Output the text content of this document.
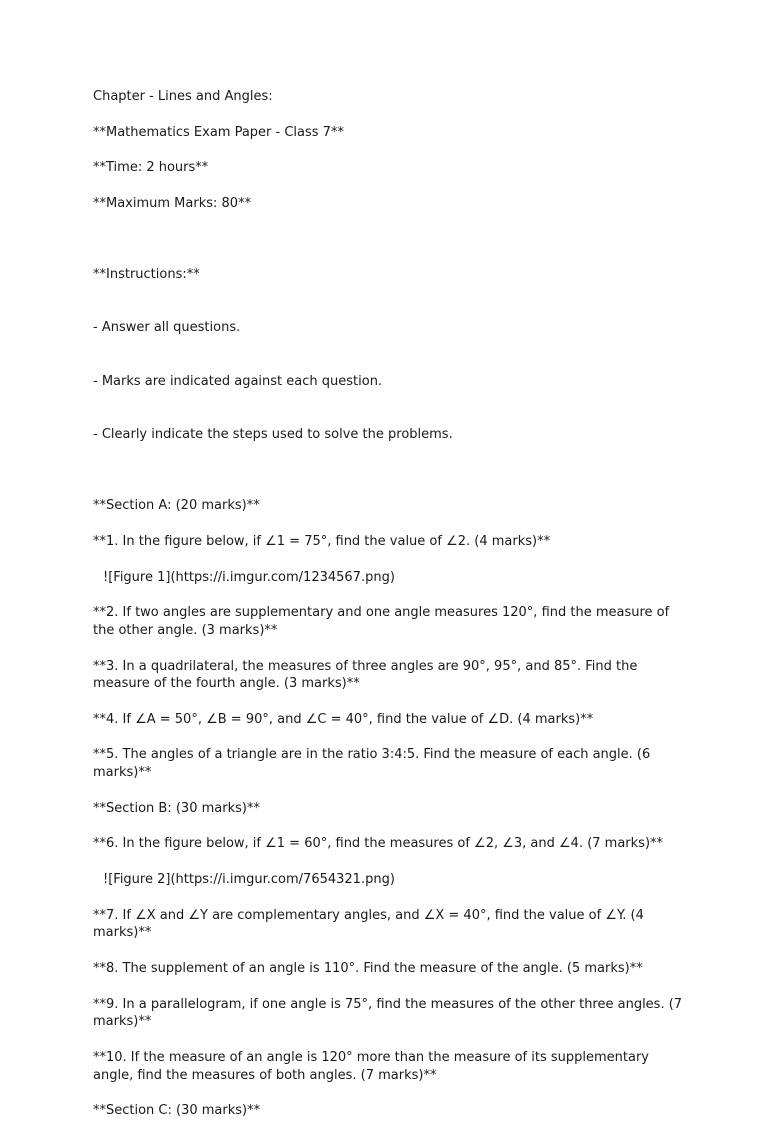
Chapter - Lines and Angles:

**Mathematics Exam Paper - Class 7**

**Time: 2 hours**

**Maximum Marks: 80**

**Instructions:**

- Answer all questions.

- Marks are indicated against each question.

- Clearly indicate the steps used to solve the problems.

**Section A: (20 marks)**

**1. In the figure below, if ∠1 = 75°, find the value of ∠2. (4 marks)**

![Figure 1](https://i.imgur.com/1234567.png)

**2. If two angles are supplementary and one angle measures 120°, find the measure of the other angle. (3 marks)**

**3. In a quadrilateral, the measures of three angles are 90°, 95°, and 85°. Find the measure of the fourth angle. (3 marks)**

**4. If ∠A = 50°, ∠B = 90°, and ∠C = 40°, find the value of ∠D. (4 marks)**

**5. The angles of a triangle are in the ratio 3:4:5. Find the measure of each angle. (6 marks)**

**Section B: (30 marks)**

**6. In the figure below, if ∠1 = 60°, find the measures of ∠2, ∠3, and ∠4. (7 marks)**

![Figure 2](https://i.imgur.com/7654321.png)

**7. If ∠X and ∠Y are complementary angles, and ∠X = 40°, find the value of ∠Y. (4 marks)**

**8. The supplement of an angle is 110°. Find the measure of the angle. (5 marks)**

**9. In a parallelogram, if one angle is 75°, find the measures of the other three angles. (7 marks)**

**10. If the measure of an angle is 120° more than the measure of its supplementary angle, find the measures of both angles. (7 marks)**

**Section C: (30 marks)**
